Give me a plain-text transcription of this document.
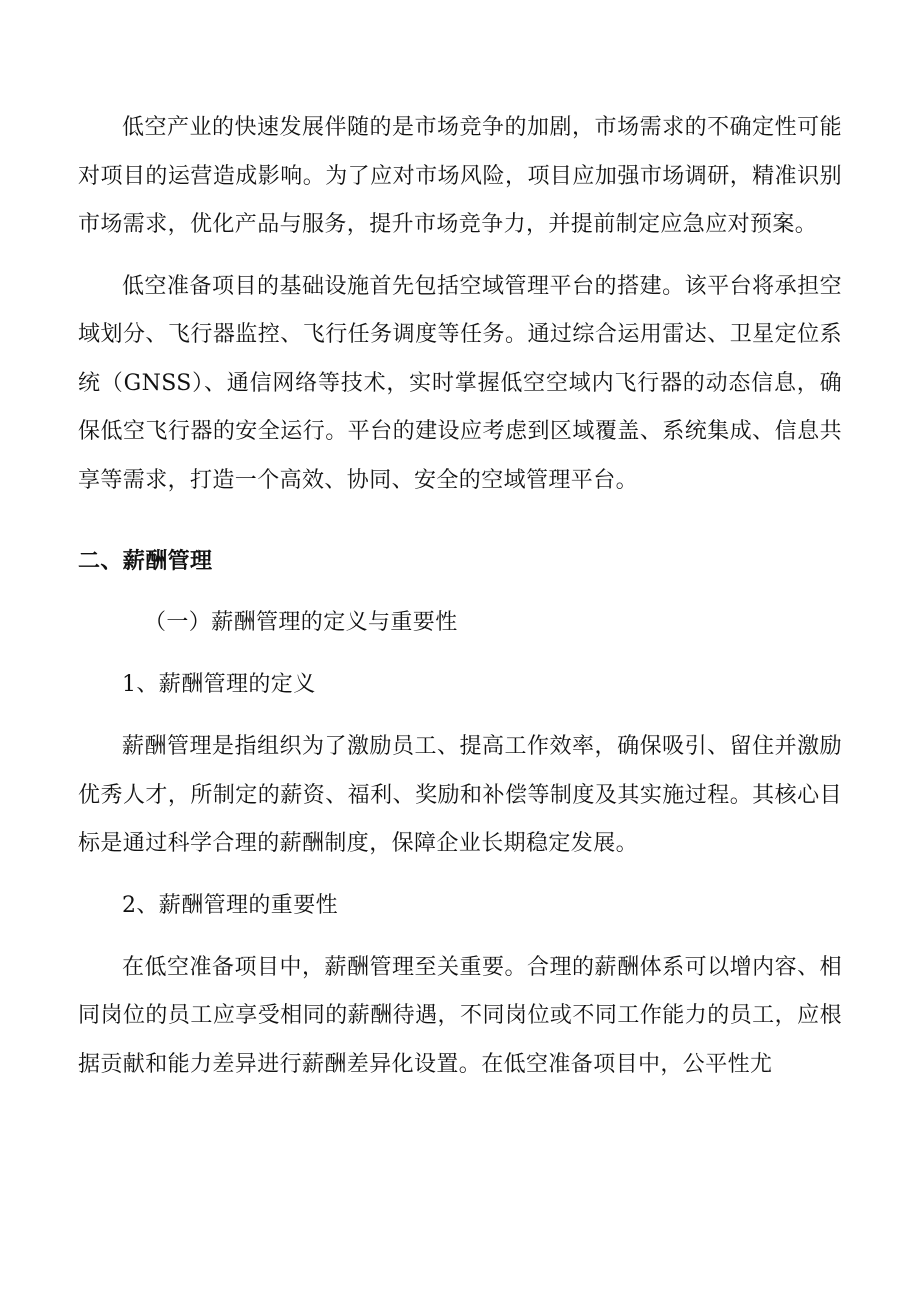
低空产业的快速发展伴随的是市场竞争的加剧，市场需求的不确定性可能对项目的运营造成影响。为了应对市场风险，项目应加强市场调研，精准识别市场需求，优化产品与服务，提升市场竞争力，并提前制定应急应对预案。

低空准备项目的基础设施首先包括空域管理平台的搭建。该平台将承担空域划分、飞行器监控、飞行任务调度等任务。通过综合运用雷达、卫星定位系统（GNSS）、通信网络等技术，实时掌握低空空域内飞行器的动态信息，确保低空飞行器的安全运行。平台的建设应考虑到区域覆盖、系统集成、信息共享等需求，打造一个高效、协同、安全的空域管理平台。

二、薪酬管理
（一）薪酬管理的定义与重要性
1、薪酬管理的定义

薪酬管理是指组织为了激励员工、提高工作效率，确保吸引、留住并激励优秀人才，所制定的薪资、福利、奖励和补偿等制度及其实施过程。其核心目标是通过科学合理的薪酬制度，保障企业长期稳定发展。

2、薪酬管理的重要性

在低空准备项目中，薪酬管理至关重要。合理的薪酬体系可以增内容、相同岗位的员工应享受相同的薪酬待遇，不同岗位或不同工作能力的员工，应根据贡献和能力差异进行薪酬差异化设置。在低空准备项目中，公平性尤
